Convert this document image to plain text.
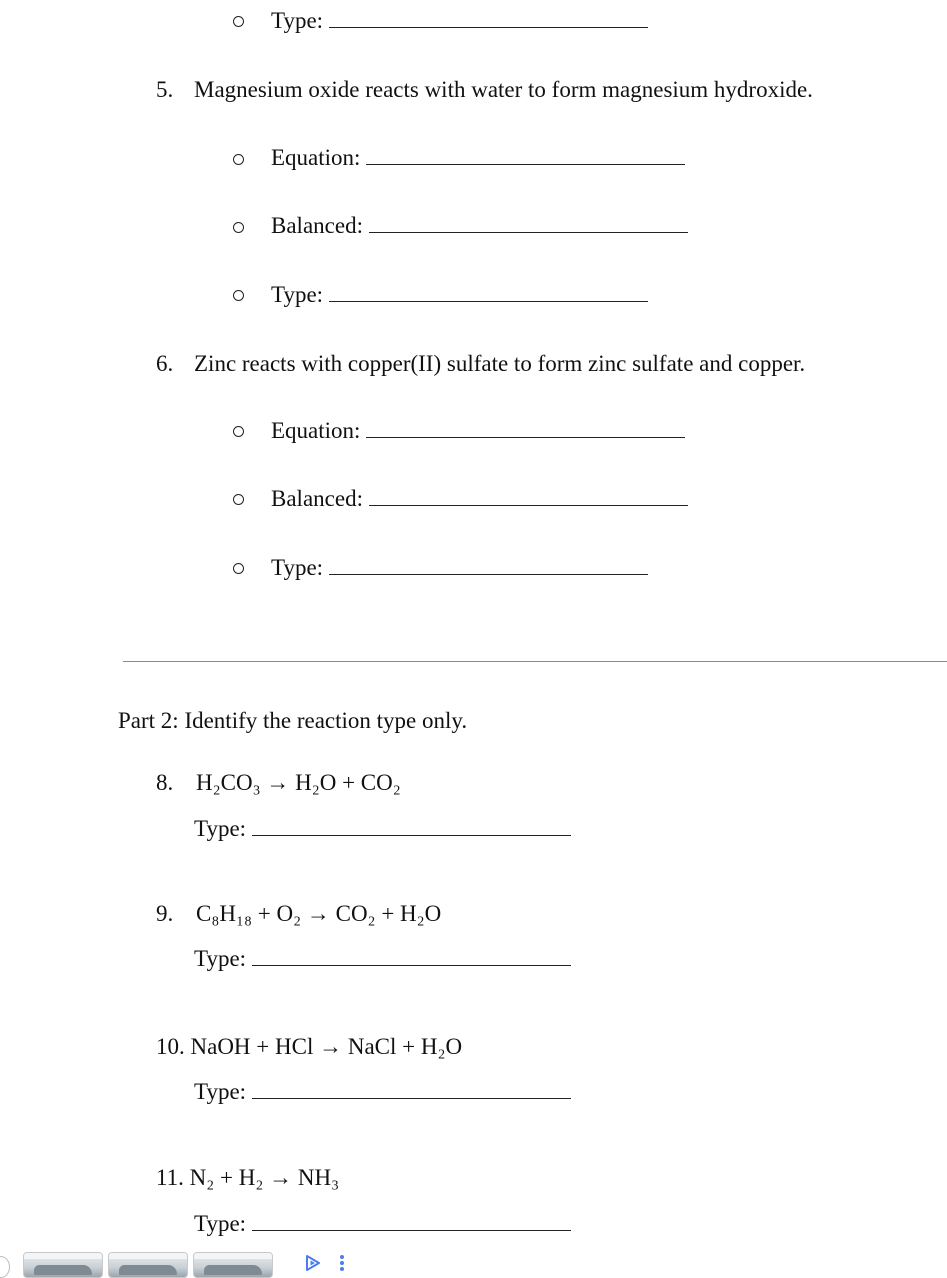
Type:
5. Magnesium oxide reacts with water to form magnesium hydroxide.
Equation:
Balanced:
Type:
6. Zinc reacts with copper(II) sulfate to form zinc sulfate and copper.
Equation:
Balanced:
Type:
Part 2: Identify the reaction type only.
8. H₂CO₃ → H₂O + CO₂
Type:
9. C₈H₁₈ + O₂ → CO₂ + H₂O
Type:
10. NaOH + HCl → NaCl + H₂O
Type:
11. N₂ + H₂ → NH₃
Type:
